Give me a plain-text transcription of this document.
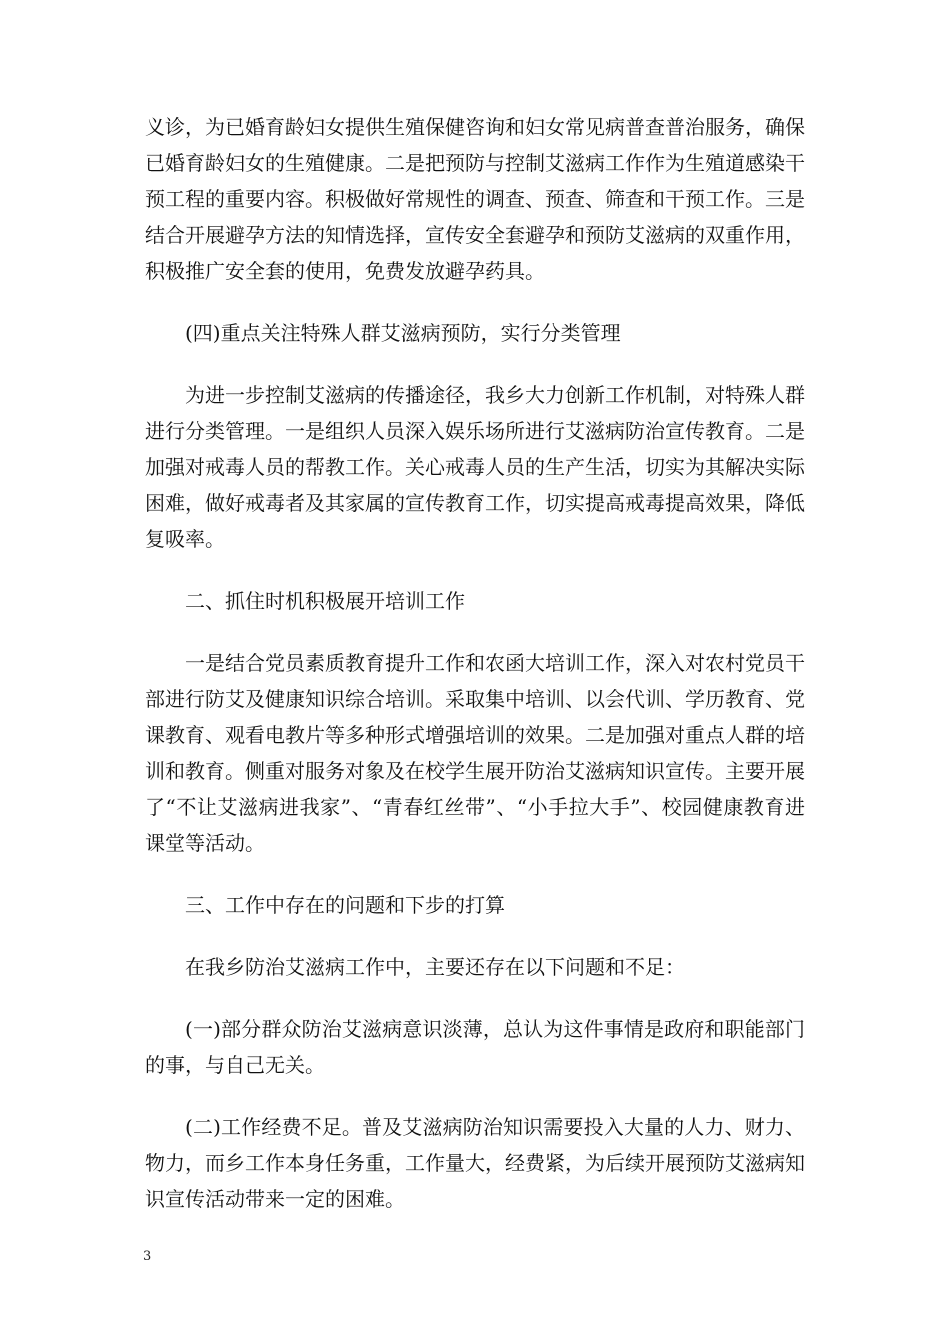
义诊，为已婚育龄妇女提供生殖保健咨询和妇女常见病普查普治服务，确保已婚育龄妇女的生殖健康。二是把预防与控制艾滋病工作作为生殖道感染干预工程的重要内容。积极做好常规性的调查、预查、筛查和干预工作。三是结合开展避孕方法的知情选择，宣传安全套避孕和预防艾滋病的双重作用，积极推广安全套的使用，免费发放避孕药具。

(四)重点关注特殊人群艾滋病预防，实行分类管理

为进一步控制艾滋病的传播途径，我乡大力创新工作机制，对特殊人群进行分类管理。一是组织人员深入娱乐场所进行艾滋病防治宣传教育。二是加强对戒毒人员的帮教工作。关心戒毒人员的生产生活，切实为其解决实际困难，做好戒毒者及其家属的宣传教育工作，切实提高戒毒提高效果，降低复吸率。

二、抓住时机积极展开培训工作

一是结合党员素质教育提升工作和农函大培训工作，深入对农村党员干部进行防艾及健康知识综合培训。采取集中培训、以会代训、学历教育、党课教育、观看电教片等多种形式增强培训的效果。二是加强对重点人群的培训和教育。侧重对服务对象及在校学生展开防治艾滋病知识宣传。主要开展了“不让艾滋病进我家”、“青春红丝带”、“小手拉大手”、校园健康教育进课堂等活动。

三、工作中存在的问题和下步的打算

在我乡防治艾滋病工作中，主要还存在以下问题和不足：

(一)部分群众防治艾滋病意识淡薄，总认为这件事情是政府和职能部门的事，与自己无关。

(二)工作经费不足。普及艾滋病防治知识需要投入大量的人力、财力、物力，而乡工作本身任务重，工作量大，经费紧，为后续开展预防艾滋病知识宣传活动带来一定的困难。

3
